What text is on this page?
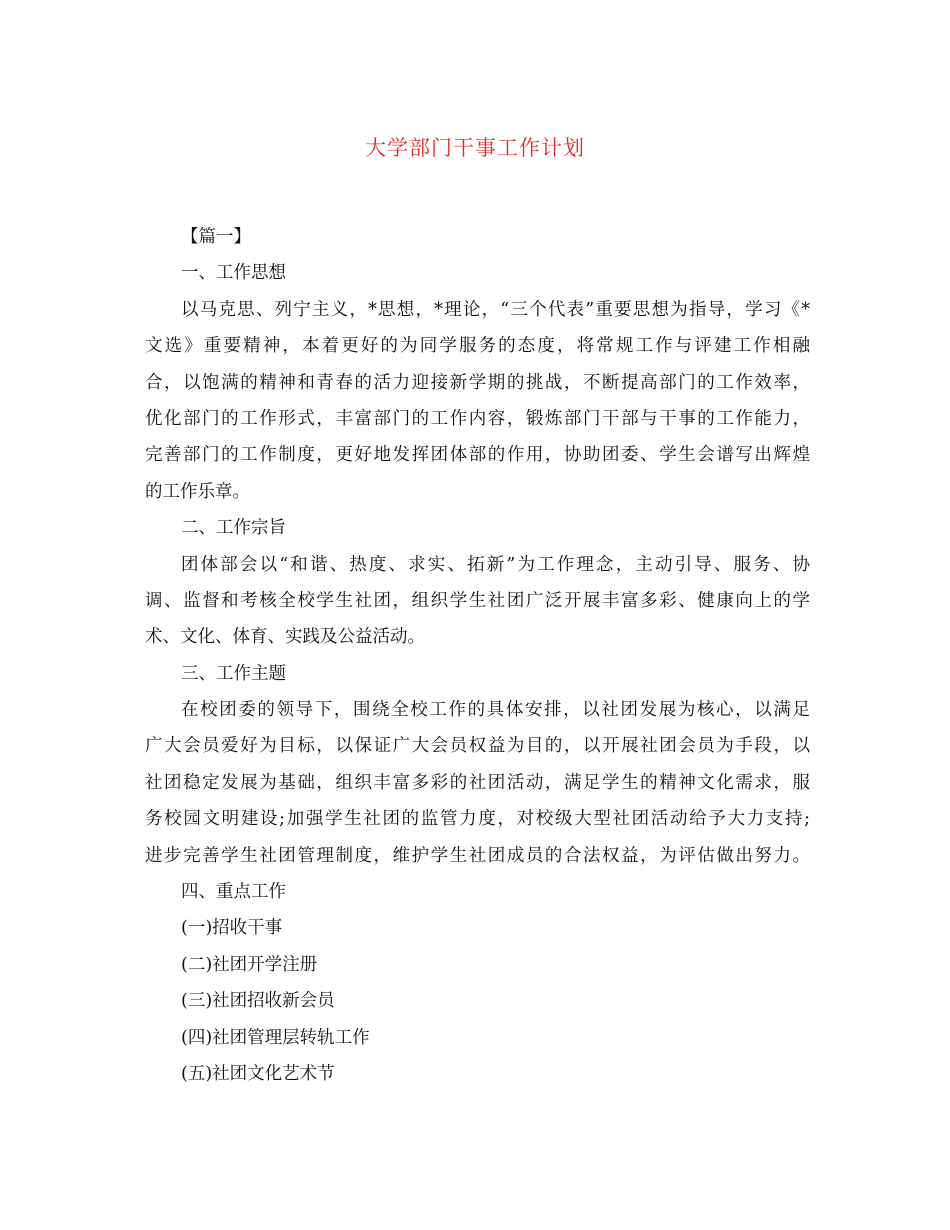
大学部门干事工作计划
【篇一】
一、工作思想
以马克思、列宁主义，*思想，*理论，“三个代表”重要思想为指导，学习《*
文选》重要精神，本着更好的为同学服务的态度，将常规工作与评建工作相融
合，以饱满的精神和青春的活力迎接新学期的挑战，不断提高部门的工作效率，
优化部门的工作形式，丰富部门的工作内容，锻炼部门干部与干事的工作能力，
完善部门的工作制度，更好地发挥团体部的作用，协助团委、学生会谱写出辉煌
的工作乐章。
二、工作宗旨
团体部会以“和谐、热度、求实、拓新”为工作理念，主动引导、服务、协
调、监督和考核全校学生社团，组织学生社团广泛开展丰富多彩、健康向上的学
术、文化、体育、实践及公益活动。
三、工作主题
在校团委的领导下，围绕全校工作的具体安排，以社团发展为核心，以满足
广大会员爱好为目标，以保证广大会员权益为目的，以开展社团会员为手段，以
社团稳定发展为基础，组织丰富多彩的社团活动，满足学生的精神文化需求，服
务校园文明建设;加强学生社团的监管力度，对校级大型社团活动给予大力支持;
进步完善学生社团管理制度，维护学生社团成员的合法权益，为评估做出努力。
四、重点工作
(一)招收干事
(二)社团开学注册
(三)社团招收新会员
(四)社团管理层转轨工作
(五)社团文化艺术节
